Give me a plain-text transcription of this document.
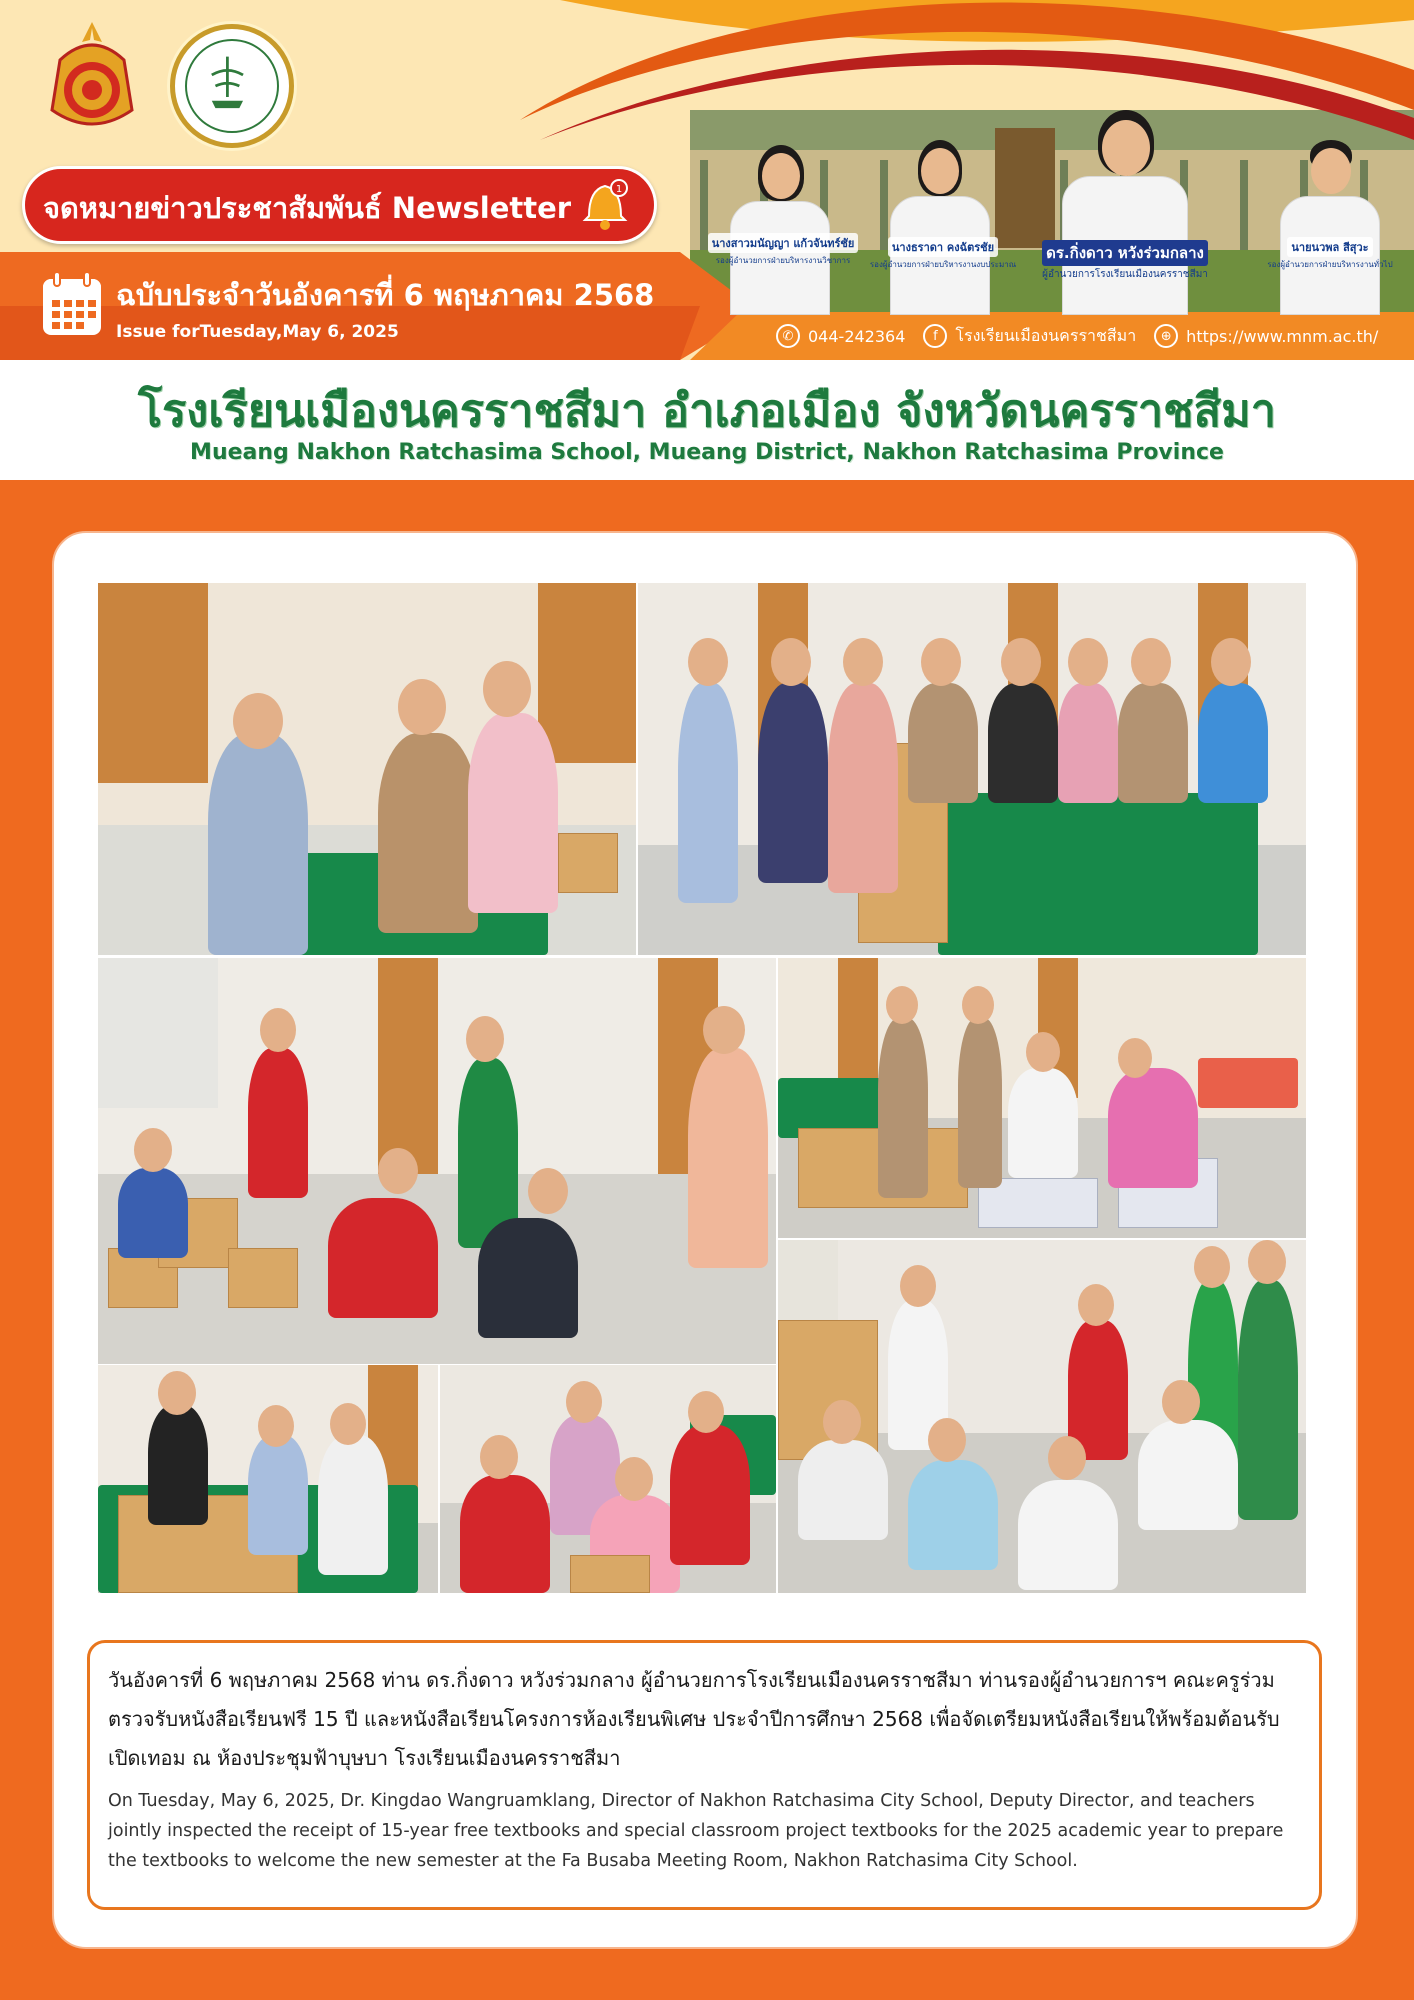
จดหมายข่าวประชาสัมพันธ์ Newsletter
1
ฉบับประจำวันอังคารที่ 6 พฤษภาคม 2568
Issue forTuesday,May 6, 2025
นางสาวมนัญญา แก้วจันทร์ชัย
รองผู้อำนวยการฝ่ายบริหารงานวิชาการ
นางธราดา คงฉัตรชัย
รองผู้อำนวยการฝ่ายบริหารงานงบประมาณ
ดร.กิ่งดาว หวังร่วมกลาง
ผู้อำนวยการโรงเรียนเมืองนครราชสีมา
นายนวพล สีสุวะ
รองผู้อำนวยการฝ่ายบริหารงานทั่วไป
✆ 044-242364	f	โรงเรียนเมืองนครราชสีมา	⊕ https://www.mnm.ac.th/
โรงเรียนเมืองนครราชสีมา อำเภอเมือง จังหวัดนครราชสีมา
Mueang Nakhon Ratchasima School, Mueang District, Nakhon Ratchasima Province

วันอังคารที่ 6 พฤษภาคม 2568 ท่าน ดร.กิ่งดาว หวังร่วมกลาง ผู้อำนวยการโรงเรียนเมืองนครราชสีมา ท่านรองผู้อำนวยการฯ คณะครูร่วมตรวจรับหนังสือเรียนฟรี 15 ปี และหนังสือเรียนโครงการห้องเรียนพิเศษ ประจำปีการศึกษา 2568 เพื่อจัดเตรียมหนังสือเรียนให้พร้อมต้อนรับเปิดเทอม ณ ห้องประชุมฟ้าบุษบา โรงเรียนเมืองนครราชสีมา

On Tuesday, May 6, 2025, Dr. Kingdao Wangruamklang, Director of Nakhon Ratchasima City School, Deputy Director, and teachers jointly inspected the receipt of 15-year free textbooks and special classroom project textbooks for the 2025 academic year to prepare the textbooks to welcome the new semester at the Fa Busaba Meeting Room, Nakhon Ratchasima City School.
